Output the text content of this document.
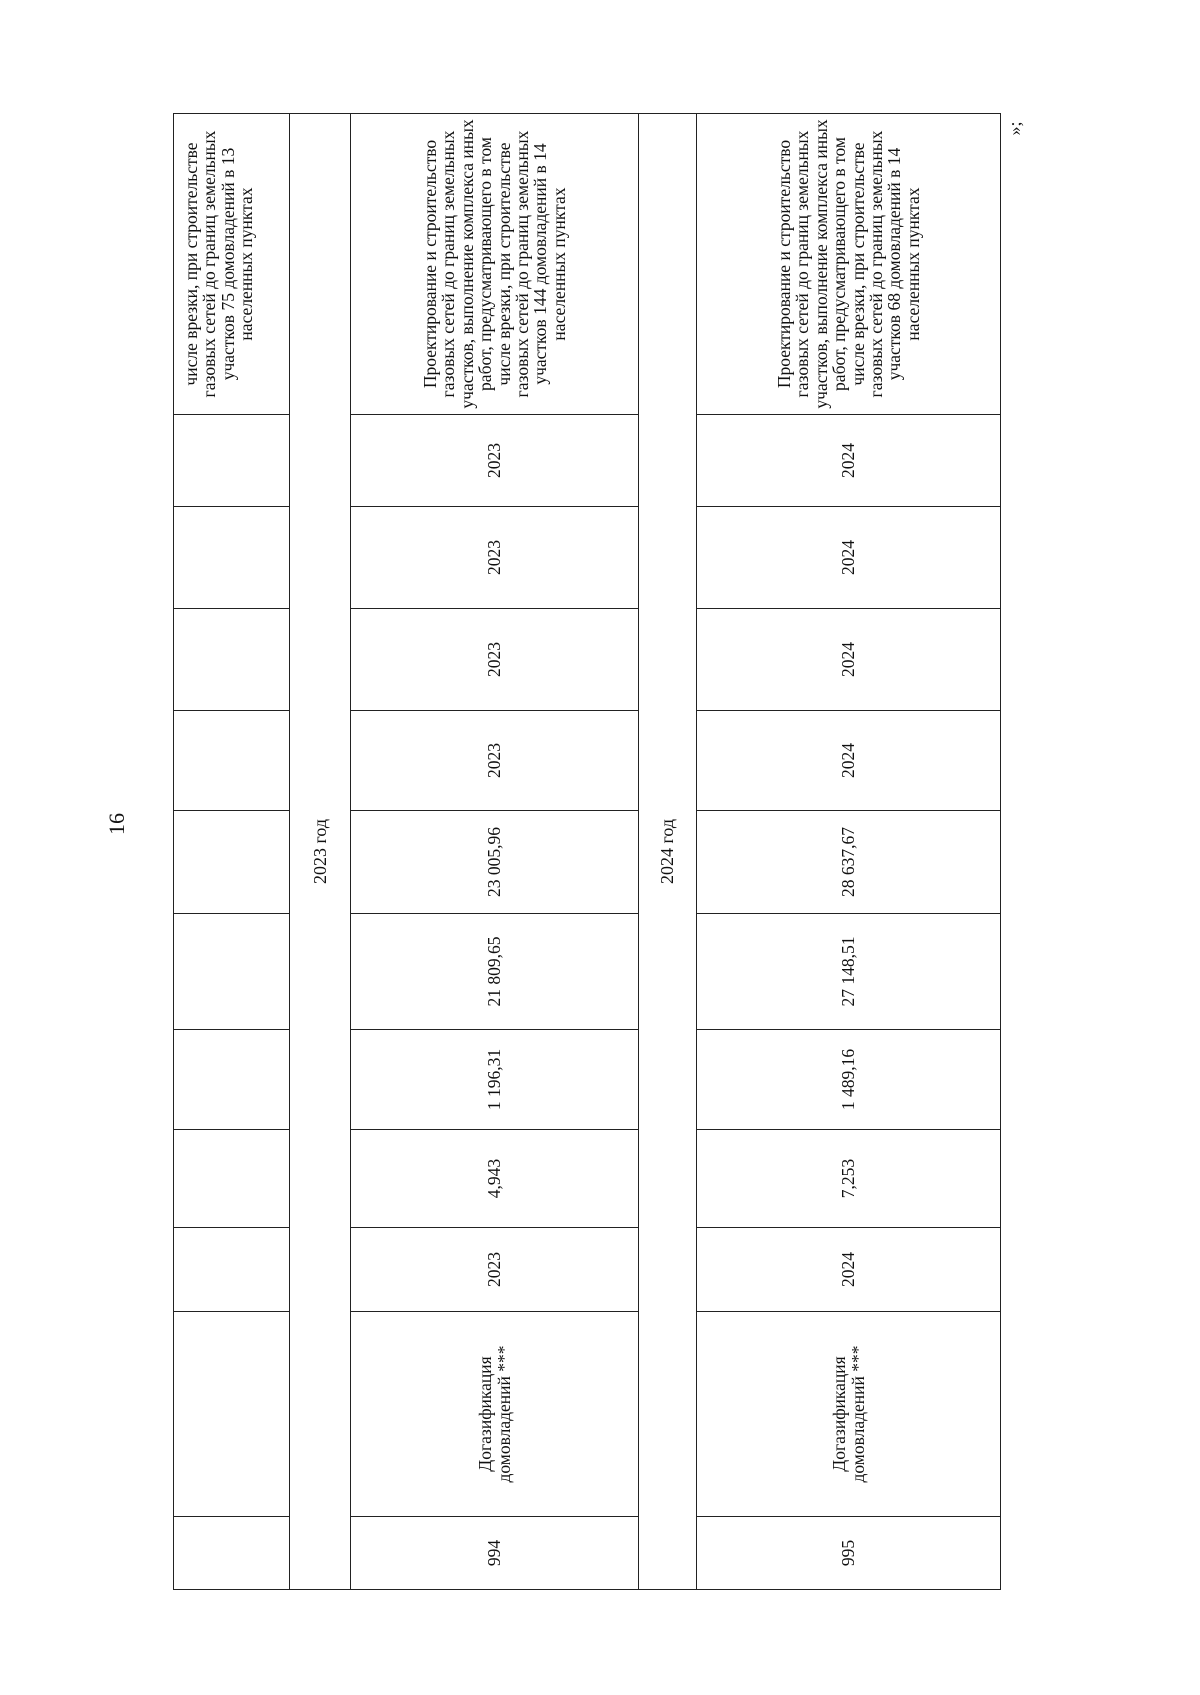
16
»;
											числе врезки, при строительстве газовых сетей до границ земельных участков 75 домовладений в 13 населенных пунктах
2023 год											
994	Догазификация домовладений ***	2023	4,943	1 196,31	21 809,65	23 005,96	2023	2023	2023	2023	Проектирование и строительство газовых сетей до границ земельных участков, выполнение комплекса иных работ, предусматривающего в том числе врезки, при строительстве газовых сетей до границ земельных участков 144 домовладений в 14 населенных пунктах
2024 год											
995	Догазификация домовладений ***	2024	7,253	1 489,16	27 148,51	28 637,67	2024	2024	2024	2024	Проектирование и строительство газовых сетей до границ земельных участков, выполнение комплекса иных работ, предусматривающего в том числе врезки, при строительстве газовых сетей до границ земельных участков 68 домовладений в 14 населенных пунктах
